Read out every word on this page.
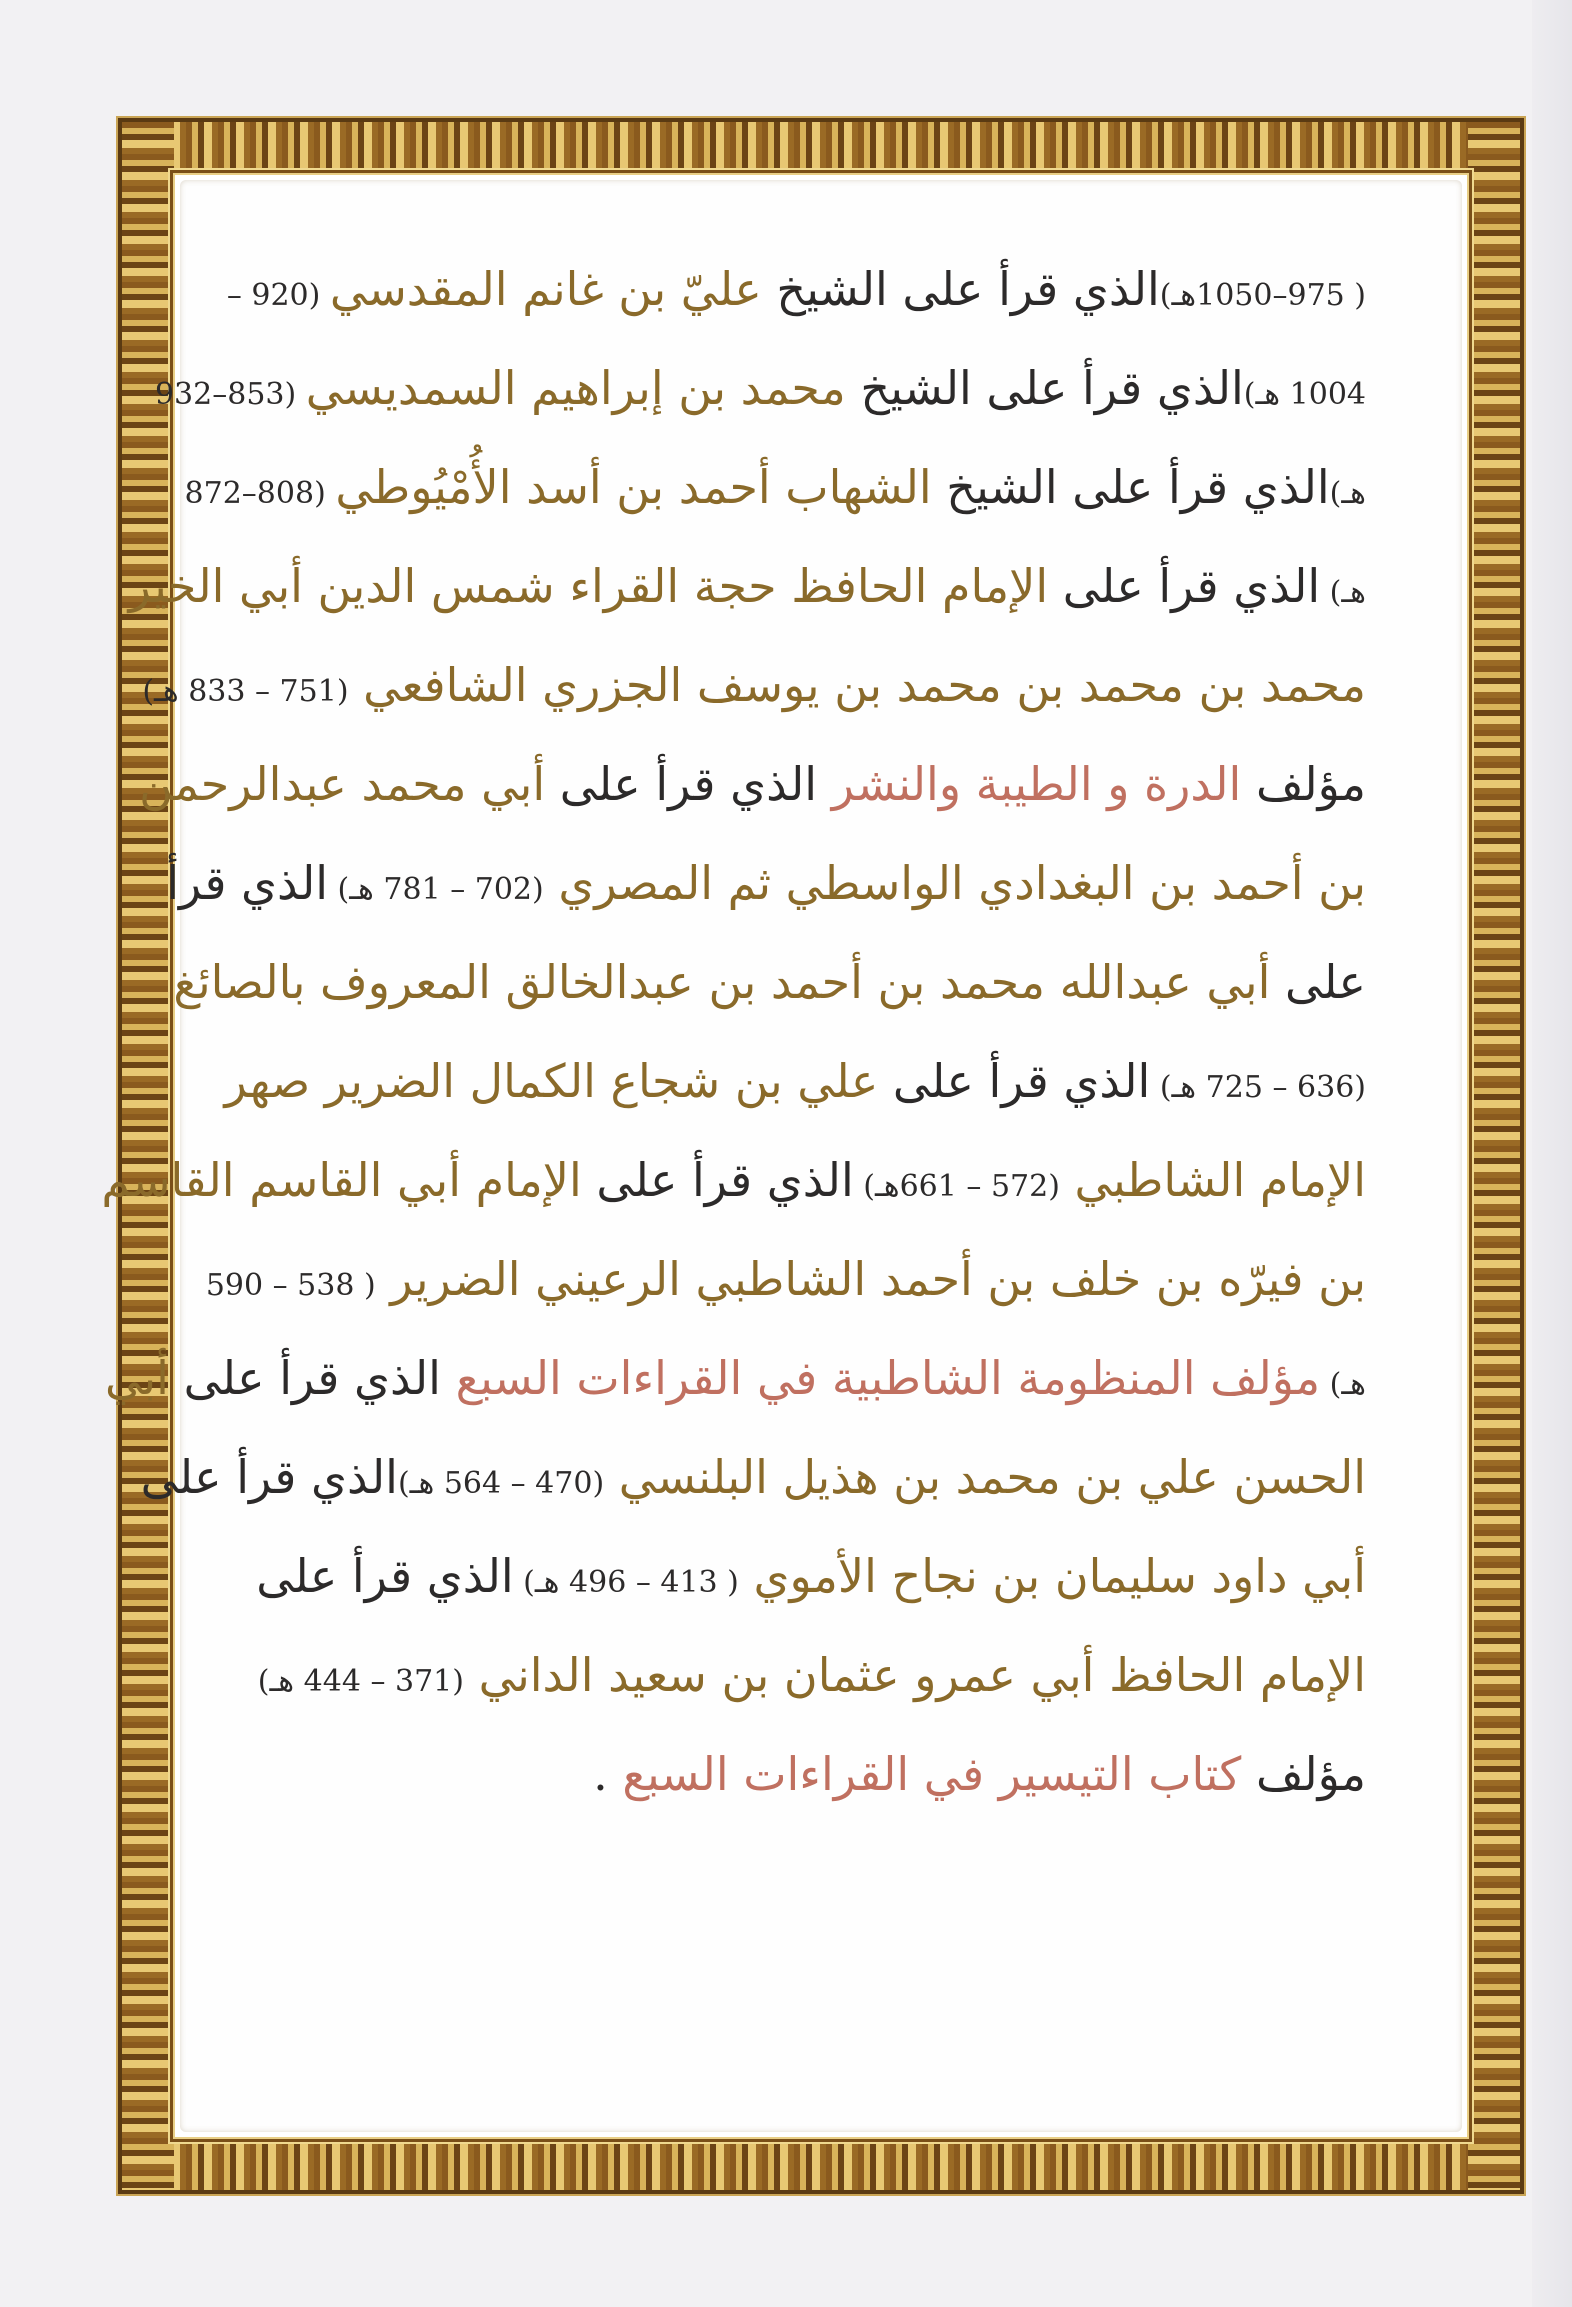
( 975–1050هـ)الذي قرأ على الشيخ عليّ بن غانم المقدسي (920 –
1004 هـ)الذي قرأ على الشيخ محمد بن إبراهيم السمديسي (853–932
هـ)الذي قرأ على الشيخ الشهاب أحمد بن أسد الأُمْيُوطي (808–872
هـ) الذي قرأ على الإمام الحافظ حجة القراء شمس الدين أبي الخير
محمد بن محمد بن محمد بن يوسف الجزري الشافعي (751 – 833 هـ)
مؤلف الدرة و الطيبة والنشر الذي قرأ على أبي محمد عبدالرحمن
بن أحمد بن البغدادي الواسطي ثم المصري (702 – 781 هـ) الذي قرأ
على أبي عبدالله محمد بن أحمد بن عبدالخالق المعروف بالصائغ
(636 – 725 هـ) الذي قرأ على علي بن شجاع الكمال الضرير صهر
الإمام الشاطبي (572 – 661هـ) الذي قرأ على الإمام أبي القاسم القاسم
بن فيرّه بن خلف بن أحمد الشاطبي الرعيني الضرير ( 538 – 590
هـ) مؤلف المنظومة الشاطبية في القراءات السبع الذي قرأ على أبي
الحسن علي بن محمد بن هذيل البلنسي (470 – 564 هـ)الذي قرأ على
أبي داود سليمان بن نجاح الأموي ( 413 – 496 هـ) الذي قرأ على
الإمام الحافظ أبي عمرو عثمان بن سعيد الداني (371 – 444 هـ)
مؤلف كتاب التيسير في القراءات السبع .
